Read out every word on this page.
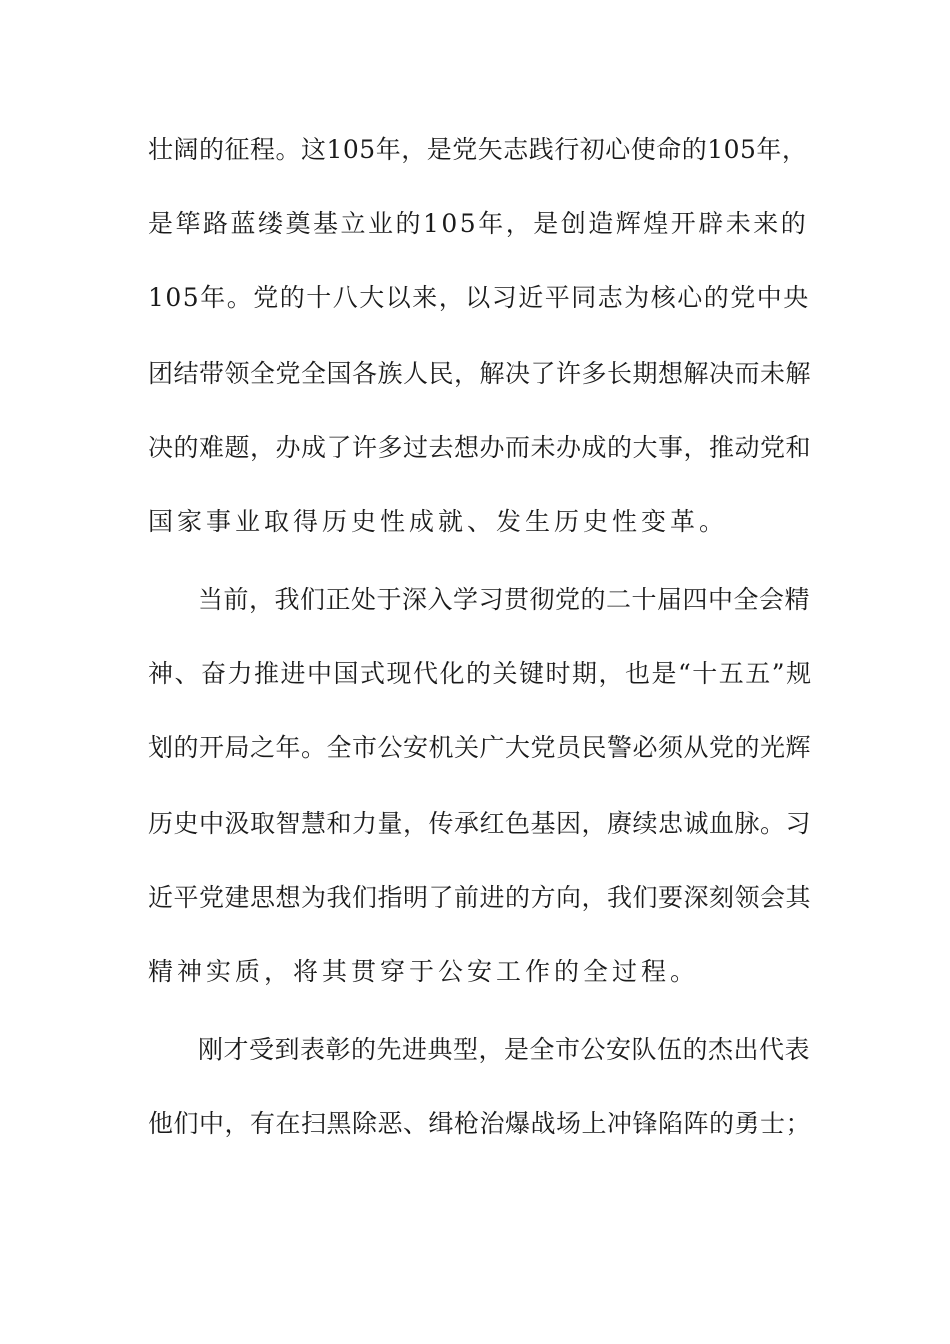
壮阔的征程。这105年，是党矢志践行初心使命的105年，
是筚路蓝缕奠基立业的105年，是创造辉煌开辟未来的
105年。党的十八大以来，以习近平同志为核心的党中央
团结带领全党全国各族人民，解决了许多长期想解决而未解
决的难题，办成了许多过去想办而未办成的大事，推动党和
国家事业取得历史性成就、发生历史性变革。
当前，我们正处于深入学习贯彻党的二十届四中全会精
神、奋力推进中国式现代化的关键时期，也是“十五五”规
划的开局之年。全市公安机关广大党员民警必须从党的光辉
历史中汲取智慧和力量，传承红色基因，赓续忠诚血脉。习
近平党建思想为我们指明了前进的方向，我们要深刻领会其
精神实质，将其贯穿于公安工作的全过程。
刚才受到表彰的先进典型，是全市公安队伍的杰出代表
他们中，有在扫黑除恶、缉枪治爆战场上冲锋陷阵的勇士；
